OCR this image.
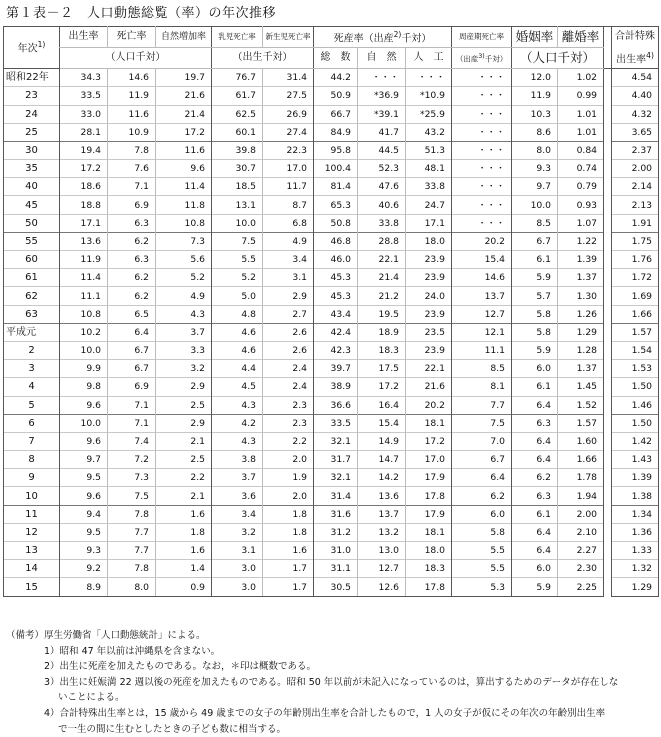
第１表－２　人口動態総覧（率）の年次推移
年次$^{1)}$	出生率	死亡率	自然増加率	乳児死亡率	新生児死亡率	死産率（出産$^{2)}$千対）			周産期死亡率	婚姻率	離婚率		合計特殊
	（人口千対）			（出生千対）		総　数	自　然	人　工	（出産$^{3)}$千対）	（人口千対）			出生率$^{4)}$
昭和22年	34.3	14.6	19.7	76.7	31.4	44.2	・・・	・・・	・・・	12.0	1.02		4.54
23	33.5	11.9	21.6	61.7	27.5	50.9	*36.9	*10.9	・・・	11.9	0.99		4.40
24	33.0	11.6	21.4	62.5	26.9	66.7	*39.1	*25.9	・・・	10.3	1.01		4.32
25	28.1	10.9	17.2	60.1	27.4	84.9	41.7	43.2	・・・	8.6	1.01		3.65
30	19.4	7.8	11.6	39.8	22.3	95.8	44.5	51.3	・・・	8.0	0.84		2.37
35	17.2	7.6	9.6	30.7	17.0	100.4	52.3	48.1	・・・	9.3	0.74		2.00
40	18.6	7.1	11.4	18.5	11.7	81.4	47.6	33.8	・・・	9.7	0.79		2.14
45	18.8	6.9	11.8	13.1	8.7	65.3	40.6	24.7	・・・	10.0	0.93		2.13
50	17.1	6.3	10.8	10.0	6.8	50.8	33.8	17.1	・・・	8.5	1.07		1.91
55	13.6	6.2	7.3	7.5	4.9	46.8	28.8	18.0	20.2	6.7	1.22		1.75
60	11.9	6.3	5.6	5.5	3.4	46.0	22.1	23.9	15.4	6.1	1.39		1.76
61	11.4	6.2	5.2	5.2	3.1	45.3	21.4	23.9	14.6	5.9	1.37		1.72
62	11.1	6.2	4.9	5.0	2.9	45.3	21.2	24.0	13.7	5.7	1.30		1.69
63	10.8	6.5	4.3	4.8	2.7	43.4	19.5	23.9	12.7	5.8	1.26		1.66
平成元	10.2	6.4	3.7	4.6	2.6	42.4	18.9	23.5	12.1	5.8	1.29		1.57
2	10.0	6.7	3.3	4.6	2.6	42.3	18.3	23.9	11.1	5.9	1.28		1.54
3	9.9	6.7	3.2	4.4	2.4	39.7	17.5	22.1	8.5	6.0	1.37		1.53
4	9.8	6.9	2.9	4.5	2.4	38.9	17.2	21.6	8.1	6.1	1.45		1.50
5	9.6	7.1	2.5	4.3	2.3	36.6	16.4	20.2	7.7	6.4	1.52		1.46
6	10.0	7.1	2.9	4.2	2.3	33.5	15.4	18.1	7.5	6.3	1.57		1.50
7	9.6	7.4	2.1	4.3	2.2	32.1	14.9	17.2	7.0	6.4	1.60		1.42
8	9.7	7.2	2.5	3.8	2.0	31.7	14.7	17.0	6.7	6.4	1.66		1.43
9	9.5	7.3	2.2	3.7	1.9	32.1	14.2	17.9	6.4	6.2	1.78		1.39
10	9.6	7.5	2.1	3.6	2.0	31.4	13.6	17.8	6.2	6.3	1.94		1.38
11	9.4	7.8	1.6	3.4	1.8	31.6	13.7	17.9	6.0	6.1	2.00		1.34
12	9.5	7.7	1.8	3.2	1.8	31.2	13.2	18.1	5.8	6.4	2.10		1.36
13	9.3	7.7	1.6	3.1	1.6	31.0	13.0	18.0	5.5	6.4	2.27		1.33
14	9.2	7.8	1.4	3.0	1.7	31.1	12.7	18.3	5.5	6.0	2.30		1.32
15	8.9	8.0	0.9	3.0	1.7	30.5	12.6	17.8	5.3	5.9	2.25		1.29
（備考）厚生労働省「人口動態統計」による。
1）昭和 47 年以前は沖縄県を含まない。
2）出生に死産を加えたものである。なお，＊印は概数である。
3）出生に妊娠満 22 週以後の死産を加えたものである。昭和 50 年以前が未記入になっているのは，算出するためのデータが存在しな
いことによる。
4）合計特殊出生率とは，15 歳から 49 歳までの女子の年齢別出生率を合計したもので，1 人の女子が仮にその年次の年齢別出生率
で一生の間に生むとしたときの子ども数に相当する。
